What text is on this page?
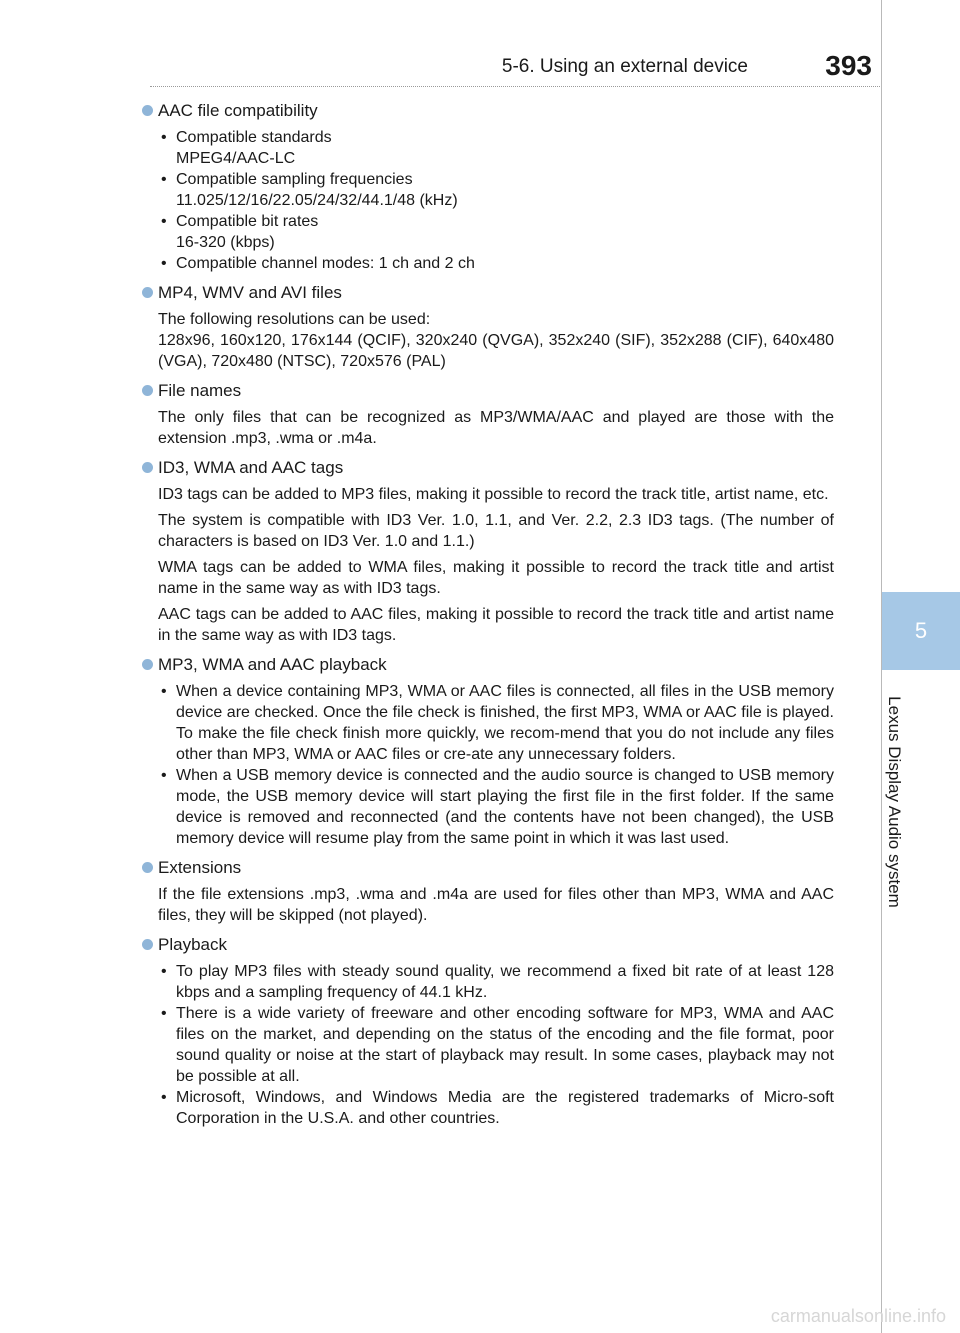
5-6. Using an external device	393
5
Lexus Display Audio system
AAC file compatibility
• Compatible standards
MPEG4/AAC-LC
• Compatible sampling frequencies
11.025/12/16/22.05/24/32/44.1/48 (kHz)
• Compatible bit rates
16-320 (kbps)
• Compatible channel modes: 1 ch and 2 ch
MP4, WMV and AVI files
The following resolutions can be used:
128x96, 160x120, 176x144 (QCIF), 320x240 (QVGA), 352x240 (SIF), 352x288 (CIF), 640x480 (VGA), 720x480 (NTSC), 720x576 (PAL)
File names
The only files that can be recognized as MP3/WMA/AAC and played are those with the extension .mp3, .wma or .m4a.
ID3, WMA and AAC tags
ID3 tags can be added to MP3 files, making it possible to record the track title, artist name, etc.
The system is compatible with ID3 Ver. 1.0, 1.1, and Ver. 2.2, 2.3 ID3 tags. (The number of characters is based on ID3 Ver. 1.0 and 1.1.)
WMA tags can be added to WMA files, making it possible to record the track title and artist name in the same way as with ID3 tags.
AAC tags can be added to AAC files, making it possible to record the track title and artist name in the same way as with ID3 tags.
MP3, WMA and AAC playback
• When a device containing MP3, WMA or AAC files is connected, all files in the USB memory device are checked. Once the file check is finished, the first MP3, WMA or AAC file is played. To make the file check finish more quickly, we recom-mend that you do not include any files other than MP3, WMA or AAC files or cre-ate any unnecessary folders.
• When a USB memory device is connected and the audio source is changed to USB memory mode, the USB memory device will start playing the first file in the first folder. If the same device is removed and reconnected (and the contents have not been changed), the USB memory device will resume play from the same point in which it was last used.
Extensions
If the file extensions .mp3, .wma and .m4a are used for files other than MP3, WMA and AAC files, they will be skipped (not played).
Playback
• To play MP3 files with steady sound quality, we recommend a fixed bit rate of at least 128 kbps and a sampling frequency of 44.1 kHz.
• There is a wide variety of freeware and other encoding software for MP3, WMA and AAC files on the market, and depending on the status of the encoding and the file format, poor sound quality or noise at the start of playback may result. In some cases, playback may not be possible at all.
• Microsoft, Windows, and Windows Media are the registered trademarks of Micro-soft Corporation in the U.S.A. and other countries.
carmanualsonline.info
